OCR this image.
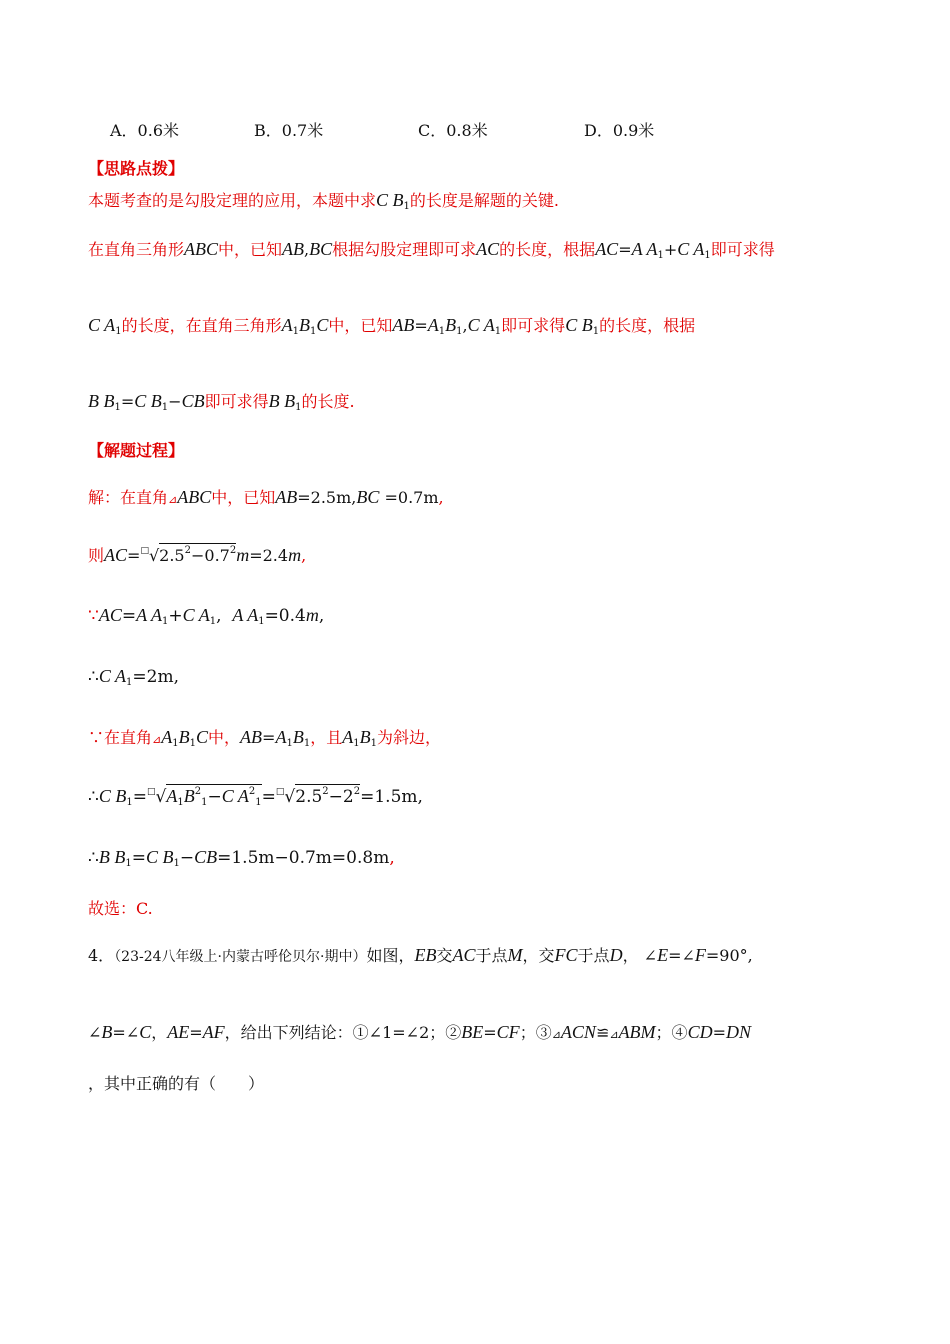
A．0.6米	B．0.7米	C．0.8米	D．0.9米
【思路点拨】
本题考查的是勾股定理的应用，本题中求C $B_1$的长度是解题的关键.
在直角三角形ABC中，已知AB,BC根据勾股定理即可求AC的长度，根据AC=A $A_1+C$ $A_1$即可求得
C $A_1$的长度，在直角三角形$A_1B_1C$中，已知$AB=A_1B_1,C$ $A_1$即可求得C $B_1$的长度，根据
B $B_1=C$ $B_1-CB$即可求得B $B_1$的长度.
【解题过程】
解：在直角⊿ABC中，已知AB=2.5m,BC =0.7m,
则$AC=^□√2.5^2-0.7^2m=2.4m$,
∵AC=A $A_1+C$ $A_1$,  A $A_1=0.4m$,
∴C $A_1=2m$,
∵在直角$⊿A_1B_1C$中，$AB=A_1B_1$，且$A_1B_1$为斜边，
∴C $B_1=^□√A_1B^2_1-C$ $A^2_1=^□√2.5^2-2^2=1.5m$,
∴B $B_1=C$ $B_1-CB=1.5m-0.7m=0.8m$,
故选：C.
4．（23-24八年级上·内蒙古呼伦贝尔·期中）如图，EB交AC于点M，交FC于点D， ∠E=∠F=90°,
∠B=∠C，AE=AF，给出下列结论：①∠1=∠2；②BE=CF；③⊿ACN≌⊿ABM；④CD=DN
，其中正确的有（　　）
